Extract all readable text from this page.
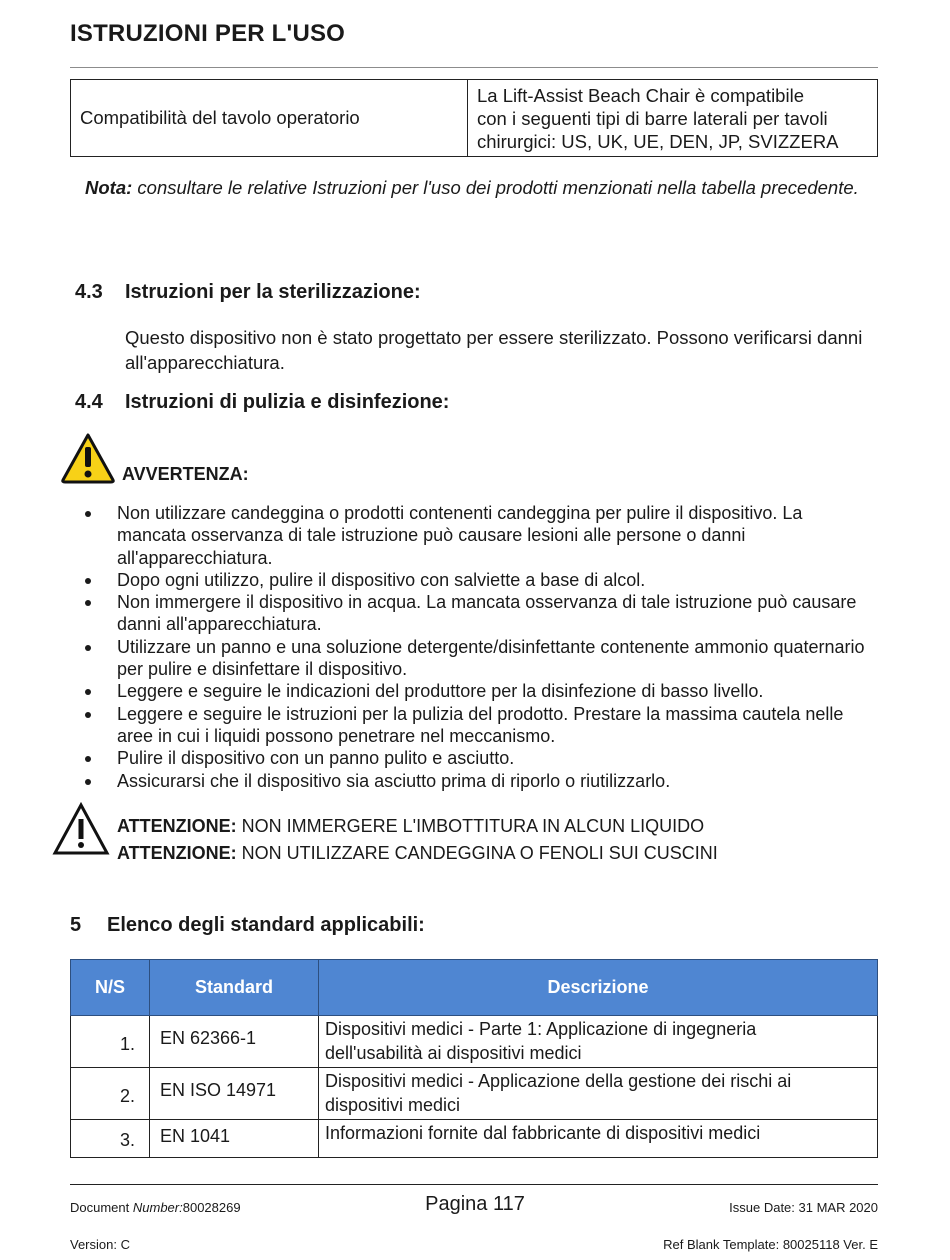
ISTRUZIONI PER L'USO
Compatibilità del tavolo operatorio	
La Lift-Assist Beach Chair è compatibile
con i seguenti tipi di barre laterali per tavoli
chirurgici: US, UK, UE, DEN, JP, SVIZZERA
Nota: consultare le relative Istruzioni per l'uso dei prodotti menzionati nella tabella precedente.
4.3 Istruzioni per la sterilizzazione:
Questo dispositivo non è stato progettato per essere sterilizzato. Possono verificarsi danni all'apparecchiatura.
4.4 Istruzioni di pulizia e disinfezione:
AVVERTENZA:
Non utilizzare candeggina o prodotti contenenti candeggina per pulire il dispositivo. La mancata osservanza di tale istruzione può causare lesioni alle persone o danni all'apparecchiatura.
Dopo ogni utilizzo, pulire il dispositivo con salviette a base di alcol.
Non immergere il dispositivo in acqua. La mancata osservanza di tale istruzione può causare danni all'apparecchiatura.
Utilizzare un panno e una soluzione detergente/disinfettante contenente ammonio quaternario per pulire e disinfettare il dispositivo.
Leggere e seguire le indicazioni del produttore per la disinfezione di basso livello.
Leggere e seguire le istruzioni per la pulizia del prodotto. Prestare la massima cautela nelle aree in cui i liquidi possono penetrare nel meccanismo.
Pulire il dispositivo con un panno pulito e asciutto.
Assicurarsi che il dispositivo sia asciutto prima di riporlo o riutilizzarlo.
ATTENZIONE: NON IMMERGERE L'IMBOTTITURA IN ALCUN LIQUIDO
ATTENZIONE: NON UTILIZZARE CANDEGGINA O FENOLI SUI CUSCINI
5 Elenco degli standard applicabili:
N/S	Standard	Descrizione
1.	EN 62366-1	Dispositivi medici - Parte 1: Applicazione di ingegneria
dell'usabilità ai dispositivi medici

2.	EN ISO 14971	Dispositivi medici - Applicazione della gestione dei rischi ai
dispositivi medici

3.	EN 1041	Informazioni fornite dal fabbricante di dispositivi medici
Document Number:80028269	Pagina 117	Issue Date: 31 MAR 2020
Version: C	Ref Blank Template: 80025118 Ver. E
